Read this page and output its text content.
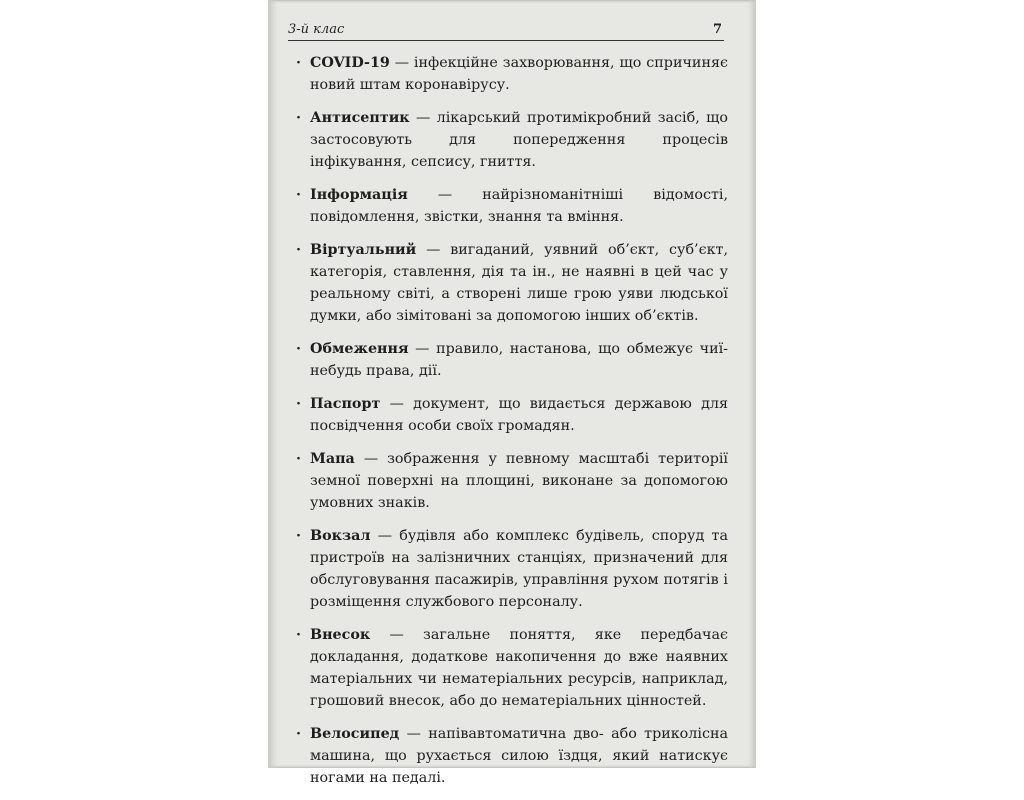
3-й клас	7
· COVID-19 — інфекційне захворювання, що спричиняє новий штам коронавірусу.
· Антисептик — лікарський протимікробний засіб, що застосовують для попередження процесів інфікування, сепсису, гниття.
· Інформація — найрізноманітніші відомості, повідомлення, звістки, знання та вміння.
· Віртуальний — вигаданий, уявний об’єкт, суб’єкт, категорія, ставлення, дія та ін., не наявні в цей час у реальному світі, а створені лише грою уяви людської думки, або зімітовані за допомогою інших об’єктів.
· Обмеження — правило, настанова, що обмежує чиї-небудь права, дії.
· Паспорт — документ, що видається державою для посвідчення особи своїх громадян.
· Мапа — зображення у певному масштабі території земної поверхні на площині, виконане за допомогою умовних знаків.
· Вокзал — будівля або комплекс будівель, споруд та пристроїв на залізничних станціях, призначений для обслуговування пасажирів, управління рухом потягів і розміщення службового персоналу.
· Внесок — загальне поняття, яке передбачає докладання, додаткове накопичення до вже наявних матеріальних чи нематеріальних ресурсів, наприклад, грошовий внесок, або до нематеріальних цінностей.
· Велосипед — напівавтоматична дво- або триколісна машина, що рухається силою їздця, який натискує ногами на педалі.
